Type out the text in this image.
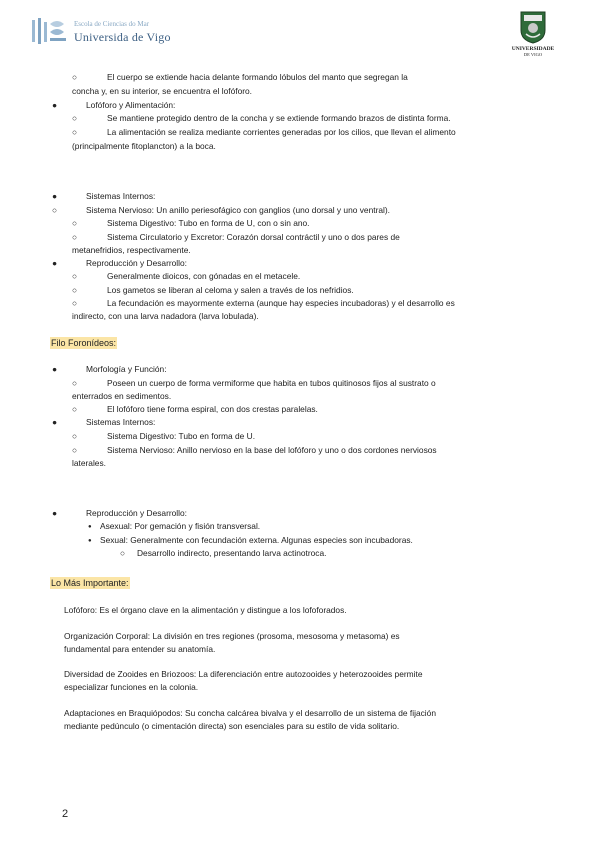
Escola de Ciencias do Mar
Universida de Vigo
UNIVERSIDADE
DE VIGO
○	El cuerpo se extiende hacia delante formando lóbulos del manto que segregan la
concha y, en su interior, se encuentra el lofóforo.
●	Lofóforo y Alimentación:
○	Se mantiene protegido dentro de la concha y se extiende formando brazos de distinta forma.
○	La alimentación se realiza mediante corrientes generadas por los cilios, que llevan el alimento
(principalmente fitoplancton) a la boca.
●	Sistemas Internos:
○	Sistema Nervioso: Un anillo periesofágico con ganglios (uno dorsal y uno ventral).
○	Sistema Digestivo: Tubo en forma de U, con o sin ano.
○	Sistema Circulatorio y Excretor: Corazón dorsal contráctil y uno o dos pares de
metanefridios, respectivamente.
●	Reproducción y Desarrollo:
○	Generalmente dioicos, con gónadas en el metacele.
○	Los gametos se liberan al celoma y salen a través de los nefridios.
○	La fecundación es mayormente externa (aunque hay especies incubadoras) y el desarrollo es
indirecto, con una larva nadadora (larva lobulada).
Filo Foronídeos:
●	Morfología y Función:
○	Poseen un cuerpo de forma vermiforme que habita en tubos quitinosos fijos al sustrato o
enterrados en sedimentos.
○	El lofóforo tiene forma espiral, con dos crestas paralelas.
●	Sistemas Internos:
○	Sistema Digestivo: Tubo en forma de U.
○	Sistema Nervioso: Anillo nervioso en la base del lofóforo y uno o dos cordones nerviosos
laterales.
●	Reproducción y Desarrollo:
● Asexual: Por gemación y fisión transversal.
● Sexual: Generalmente con fecundación externa. Algunas especies son incubadoras.
○ Desarrollo indirecto, presentando larva actinotroca.
Lo Más Importante:
Lofóforo: Es el órgano clave en la alimentación y distingue a los lofoforados.
Organización Corporal: La división en tres regiones (prosoma, mesosoma y metasoma) es
fundamental para entender su anatomía.
Diversidad de Zooides en Briozoos: La diferenciación entre autozooides y heterozooides permite
especializar funciones en la colonia.
Adaptaciones en Braquiópodos: Su concha calcárea bivalva y el desarrollo de un sistema de fijación
mediante pedúnculo (o cimentación directa) son esenciales para su estilo de vida solitario.
2
